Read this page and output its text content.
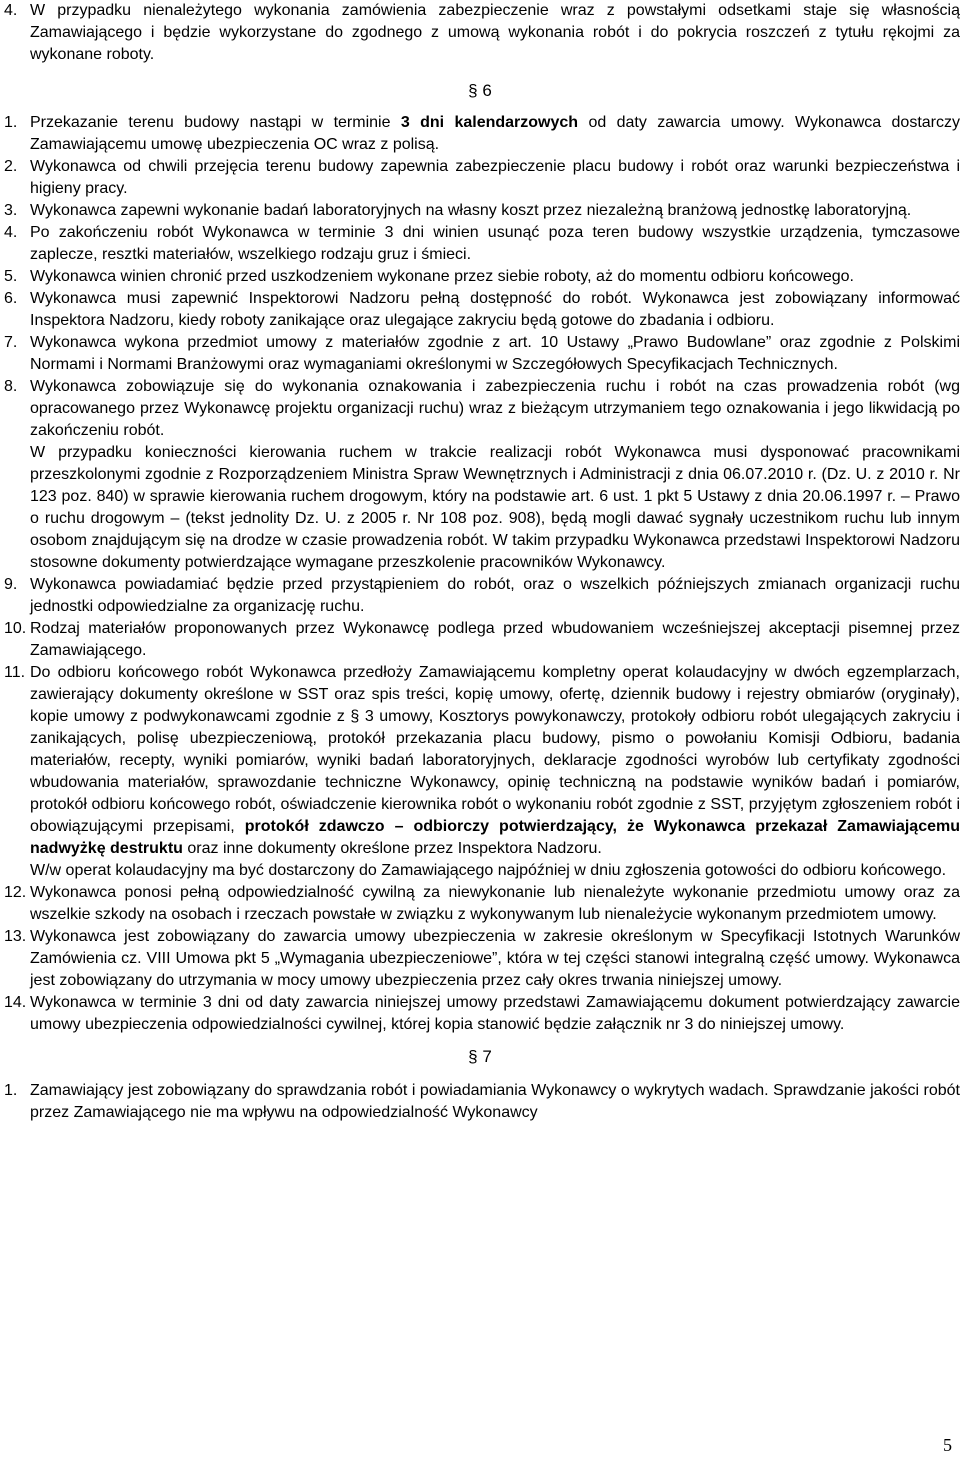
4. W przypadku nienależytego wykonania zamówienia zabezpieczenie wraz z powstałymi odsetkami staje się własnością Zamawiającego i będzie wykorzystane do zgodnego z umową wykonania robót i do pokrycia roszczeń z tytułu rękojmi za wykonane roboty.

§ 6

1. Przekazanie terenu budowy nastąpi w terminie 3 dni kalendarzowych od daty zawarcia umowy. Wykonawca dostarczy Zamawiającemu umowę ubezpieczenia OC wraz z polisą.
2. Wykonawca od chwili przejęcia terenu budowy zapewnia zabezpieczenie placu budowy i robót oraz warunki bezpieczeństwa i higieny pracy.
3. Wykonawca zapewni wykonanie badań laboratoryjnych na własny koszt przez niezależną branżową jednostkę laboratoryjną.
4. Po zakończeniu robót Wykonawca w terminie 3 dni winien usunąć poza teren budowy wszystkie urządzenia, tymczasowe zaplecze, resztki materiałów, wszelkiego rodzaju gruz i śmieci.
5. Wykonawca winien chronić przed uszkodzeniem wykonane przez siebie roboty, aż do momentu odbioru końcowego.
6. Wykonawca musi zapewnić Inspektorowi Nadzoru pełną dostępność do robót. Wykonawca jest zobowiązany informować Inspektora Nadzoru, kiedy roboty zanikające oraz ulegające zakryciu będą gotowe do zbadania i odbioru.
7. Wykonawca wykona przedmiot umowy z materiałów zgodnie z art. 10 Ustawy „Prawo Budowlane” oraz zgodnie z Polskimi Normami i Normami Branżowymi oraz wymaganiami określonymi w Szczegółowych Specyfikacjach Technicznych.
8. Wykonawca zobowiązuje się do wykonania oznakowania i zabezpieczenia ruchu i robót na czas prowadzenia robót (wg opracowanego przez Wykonawcę projektu organizacji ruchu) wraz z bieżącym utrzymaniem tego oznakowania i jego likwidacją po zakończeniu robót.

W przypadku konieczności kierowania ruchem w trakcie realizacji robót Wykonawca musi dysponować pracownikami przeszkolonymi zgodnie z Rozporządzeniem Ministra Spraw Wewnętrznych i Administracji z dnia 06.07.2010 r. (Dz. U. z 2010 r. Nr 123 poz. 840) w sprawie kierowania ruchem drogowym, który na podstawie art. 6 ust. 1 pkt 5 Ustawy z dnia 20.06.1997 r. – Prawo o ruchu drogowym – (tekst jednolity Dz. U. z 2005 r. Nr 108 poz. 908), będą mogli dawać sygnały uczestnikom ruchu lub innym osobom znajdującym się na drodze w czasie prowadzenia robót. W takim przypadku Wykonawca przedstawi Inspektorowi Nadzoru stosowne dokumenty potwierdzające wymagane przeszkolenie pracowników Wykonawcy.

9. Wykonawca powiadamiać będzie przed przystąpieniem do robót, oraz o wszelkich późniejszych zmianach organizacji ruchu jednostki odpowiedzialne za organizację ruchu.
10. Rodzaj materiałów proponowanych przez Wykonawcę podlega przed wbudowaniem wcześniejszej akceptacji pisemnej przez Zamawiającego.
11. Do odbioru końcowego robót Wykonawca przedłoży Zamawiającemu kompletny operat kolaudacyjny w dwóch egzemplarzach, zawierający dokumenty określone w SST oraz spis treści, kopię umowy, ofertę, dziennik budowy i rejestry obmiarów (oryginały), kopie umowy z podwykonawcami zgodnie z § 3 umowy, Kosztorys powykonawczy, protokoły odbioru robót ulegających zakryciu i zanikających, polisę ubezpieczeniową, protokół przekazania placu budowy, pismo o powołaniu Komisji Odbioru, badania materiałów, recepty, wyniki pomiarów, wyniki badań laboratoryjnych, deklaracje zgodności wyrobów lub certyfikaty zgodności wbudowania materiałów, sprawozdanie techniczne Wykonawcy, opinię techniczną na podstawie wyników badań i pomiarów, protokół odbioru końcowego robót, oświadczenie kierownika robót o wykonaniu robót zgodnie z SST, przyjętym zgłoszeniem robót i obowiązującymi przepisami, protokół zdawczo – odbiorczy potwierdzający, że Wykonawca przekazał Zamawiającemu nadwyżkę destruktu oraz inne dokumenty określone przez Inspektora Nadzoru.

W/w operat kolaudacyjny ma być dostarczony do Zamawiającego najpóźniej w dniu zgłoszenia gotowości do odbioru końcowego.

12. Wykonawca ponosi pełną odpowiedzialność cywilną za niewykonanie lub nienależyte wykonanie przedmiotu umowy oraz za wszelkie szkody na osobach i rzeczach powstałe w związku z wykonywanym lub nienależycie wykonanym przedmiotem umowy.
13. Wykonawca jest zobowiązany do zawarcia umowy ubezpieczenia w zakresie określonym w Specyfikacji Istotnych Warunków Zamówienia cz. VIII Umowa pkt 5 „Wymagania ubezpieczeniowe”, która w tej części stanowi integralną część umowy. Wykonawca jest zobowiązany do utrzymania w mocy umowy ubezpieczenia przez cały okres trwania niniejszej umowy.
14. Wykonawca w terminie 3 dni od daty zawarcia niniejszej umowy przedstawi Zamawiającemu dokument potwierdzający zawarcie umowy ubezpieczenia odpowiedzialności cywilnej, której kopia stanowić będzie załącznik nr 3 do niniejszej umowy.

§ 7

1. Zamawiający jest zobowiązany do sprawdzania robót i powiadamiania Wykonawcy o wykrytych wadach. Sprawdzanie jakości robót przez Zamawiającego nie ma wpływu na odpowiedzialność Wykonawcy
5
